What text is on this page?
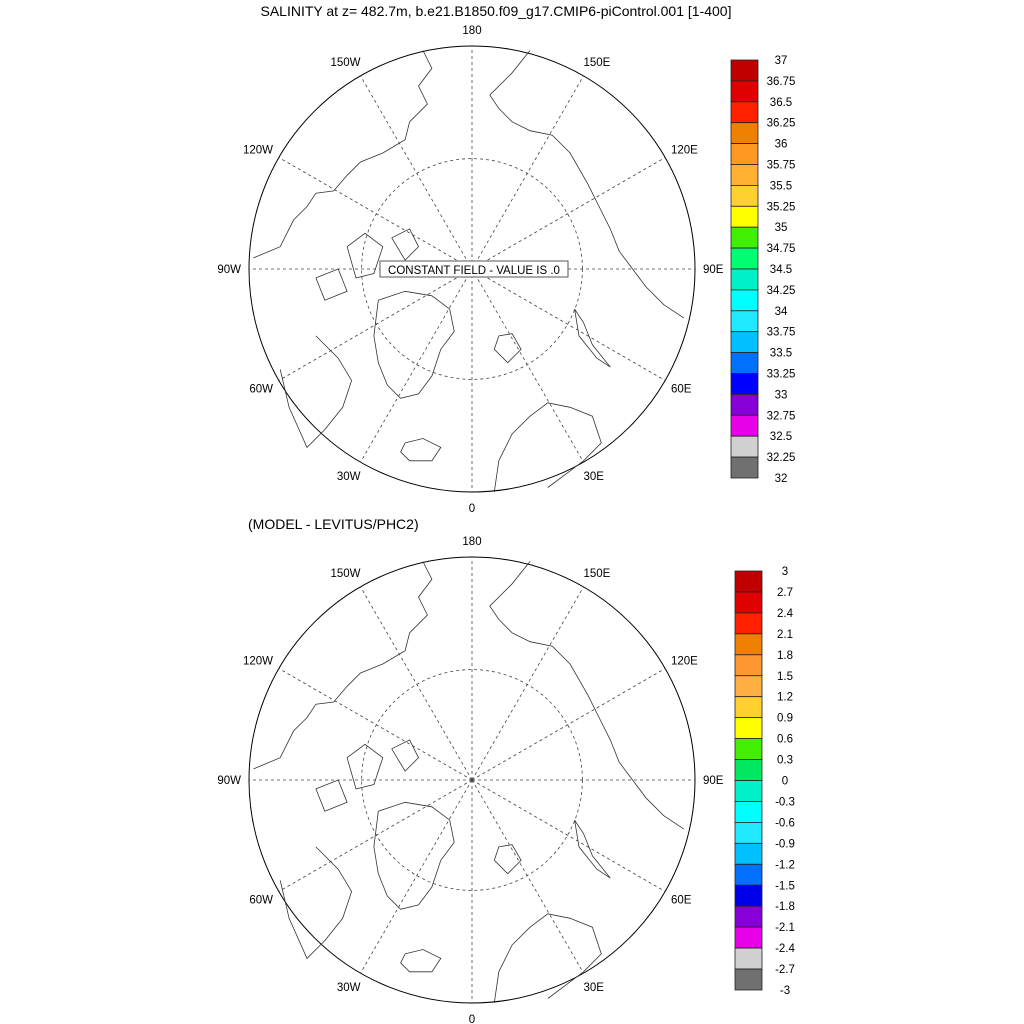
SALINITY at z= 482.7m, b.e21.B1850.f09_g17.CMIP6-piControl.001 [1-400]
180
150E
120E
90E
60E
30E
0
30W
60W
90W
120W
150W
CONSTANT FIELD - VALUE IS .0
37
36.75
36.5
36.25
36
35.75
35.5
35.25
35
34.75
34.5
34.25
34
33.75
33.5
33.25
33
32.75
32.5
32.25
32
(MODEL - LEVITUS/PHC2)
180
150E
120E
90E
60E
30E
0
30W
60W
90W
120W
150W	3
2.7
2.4
2.1
1.8
1.5
1.2
0.9
0.6
0.3
0
-0.3
-0.6
-0.9
-1.2
-1.5
-1.8
-2.1
-2.4
-2.7
-3
